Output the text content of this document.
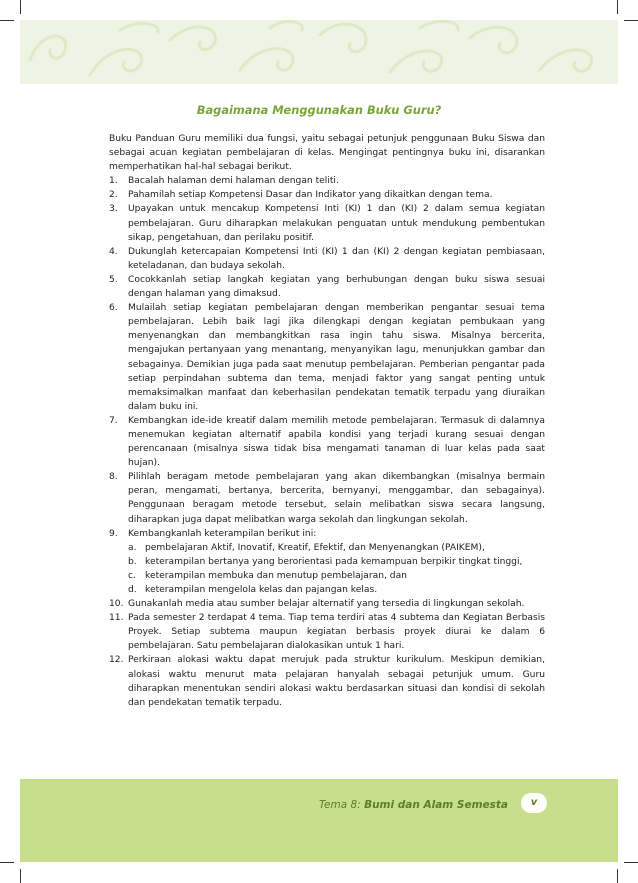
Bagaimana Menggunakan Buku Guru?

Buku Panduan Guru memiliki dua fungsi, yaitu sebagai petunjuk penggunaan Buku Siswa dan sebagai acuan kegiatan pembelajaran di kelas. Mengingat pentingnya buku ini, disarankan memperhatikan hal-hal sebagai berikut.

1. Bacalah halaman demi halaman dengan teliti.
2. Pahamilah setiap Kompetensi Dasar dan Indikator yang dikaitkan dengan tema.
3. Upayakan untuk mencakup Kompetensi Inti (KI) 1 dan (KI) 2 dalam semua kegiatan pembelajaran. Guru diharapkan melakukan penguatan untuk mendukung pembentukan sikap, pengetahuan, dan perilaku positif.
4. Dukunglah ketercapaian Kompetensi Inti (KI) 1 dan (KI) 2 dengan kegiatan pembiasaan, keteladanan, dan budaya sekolah.
5. Cocokkanlah setiap langkah kegiatan yang berhubungan dengan buku siswa sesuai dengan halaman yang dimaksud.
6. Mulailah setiap kegiatan pembelajaran dengan memberikan pengantar sesuai tema pembelajaran. Lebih baik lagi jika dilengkapi dengan kegiatan pembukaan yang menyenangkan dan membangkitkan rasa ingin tahu siswa. Misalnya bercerita, mengajukan pertanyaan yang menantang, menyanyikan lagu, menunjukkan gambar dan sebagainya. Demikian juga pada saat menutup pembelajaran. Pemberian pengantar pada setiap perpindahan subtema dan tema, menjadi faktor yang sangat penting untuk memaksimalkan manfaat dan keberhasilan pendekatan tematik terpadu yang diuraikan dalam buku ini.
7. Kembangkan ide-ide kreatif dalam memilih metode pembelajaran. Termasuk di dalamnya menemukan kegiatan alternatif apabila kondisi yang terjadi kurang sesuai dengan perencanaan (misalnya siswa tidak bisa mengamati tanaman di luar kelas pada saat hujan).
8. Pilihlah beragam metode pembelajaran yang akan dikembangkan (misalnya bermain peran, mengamati, bertanya, bercerita, bernyanyi, menggambar, dan sebagainya). Penggunaan beragam metode tersebut, selain melibatkan siswa secara langsung, diharapkan juga dapat melibatkan warga sekolah dan lingkungan sekolah.
9. Kembangkanlah keterampilan berikut ini:
a. pembelajaran Aktif, Inovatif, Kreatif, Efektif, dan Menyenangkan (PAIKEM),
b. keterampilan bertanya yang berorientasi pada kemampuan berpikir tingkat tinggi,
c. keterampilan membuka dan menutup pembelajaran, dan
d. keterampilan mengelola kelas dan pajangan kelas.
10. Gunakanlah media atau sumber belajar alternatif yang tersedia di lingkungan sekolah.
11. Pada semester 2 terdapat 4 tema. Tiap tema terdiri atas 4 subtema dan Kegiatan Berbasis Proyek. Setiap subtema maupun kegiatan berbasis proyek diurai ke dalam 6 pembelajaran. Satu pembelajaran dialokasikan untuk 1 hari.
12. Perkiraan alokasi waktu dapat merujuk pada struktur kurikulum. Meskipun demikian, alokasi waktu menurut mata pelajaran hanyalah sebagai petunjuk umum. Guru diharapkan menentukan sendiri alokasi waktu berdasarkan situasi dan kondisi di sekolah dan pendekatan tematik terpadu.
Tema 8: Bumi dan Alam Semesta	v
